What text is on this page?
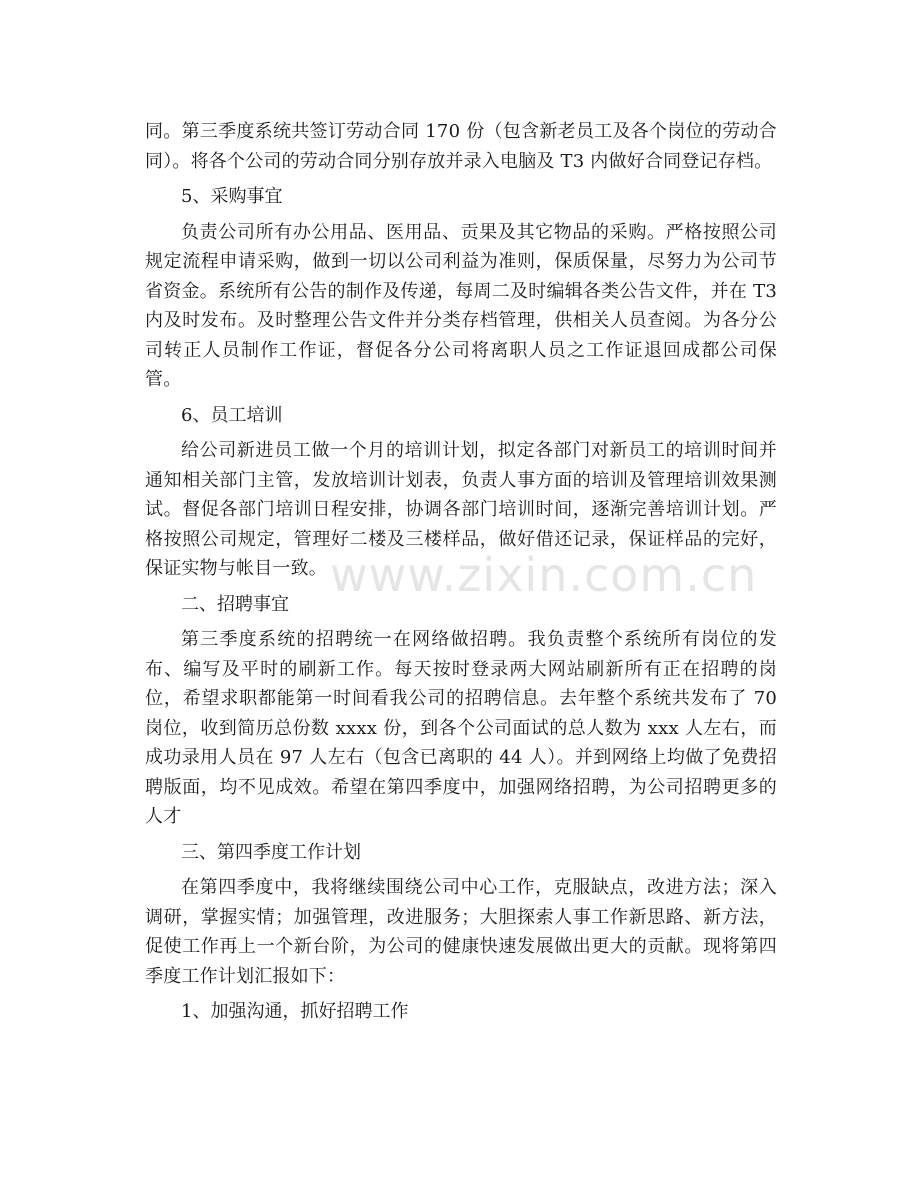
同。第三季度系统共签订劳动合同 170 份（包含新老员工及各个岗位的劳动合同）。将各个公司的劳动合同分别存放并录入电脑及 T3 内做好合同登记存档。

5、采购事宜

负责公司所有办公用品、医用品、贡果及其它物品的采购。严格按照公司规定流程申请采购，做到一切以公司利益为准则，保质保量，尽努力为公司节省资金。系统所有公告的制作及传递，每周二及时编辑各类公告文件，并在 T3 内及时发布。及时整理公告文件并分类存档管理，供相关人员查阅。为各分公司转正人员制作工作证，督促各分公司将离职人员之工作证退回成都公司保管。

6、员工培训

给公司新进员工做一个月的培训计划，拟定各部门对新员工的培训时间并通知相关部门主管，发放培训计划表，负责人事方面的培训及管理培训效果测试。督促各部门培训日程安排，协调各部门培训时间，逐渐完善培训计划。严格按照公司规定，管理好二楼及三楼样品，做好借还记录，保证样品的完好，保证实物与帐目一致。

二、招聘事宜

第三季度系统的招聘统一在网络做招聘。我负责整个系统所有岗位的发布、编写及平时的刷新工作。每天按时登录两大网站刷新所有正在招聘的岗位，希望求职都能第一时间看我公司的招聘信息。去年整个系统共发布了 70 岗位，收到简历总份数 xxxx 份，到各个公司面试的总人数为 xxx 人左右，而成功录用人员在 97 人左右（包含已离职的 44 人）。并到网络上均做了免费招聘版面，均不见成效。希望在第四季度中，加强网络招聘，为公司招聘更多的人才

三、第四季度工作计划

在第四季度中，我将继续围绕公司中心工作，克服缺点，改进方法；深入调研，掌握实情；加强管理，改进服务；大胆探索人事工作新思路、新方法，促使工作再上一个新台阶，为公司的健康快速发展做出更大的贡献。现将第四季度工作计划汇报如下：

1、加强沟通，抓好招聘工作

www.zixin.com.cn
